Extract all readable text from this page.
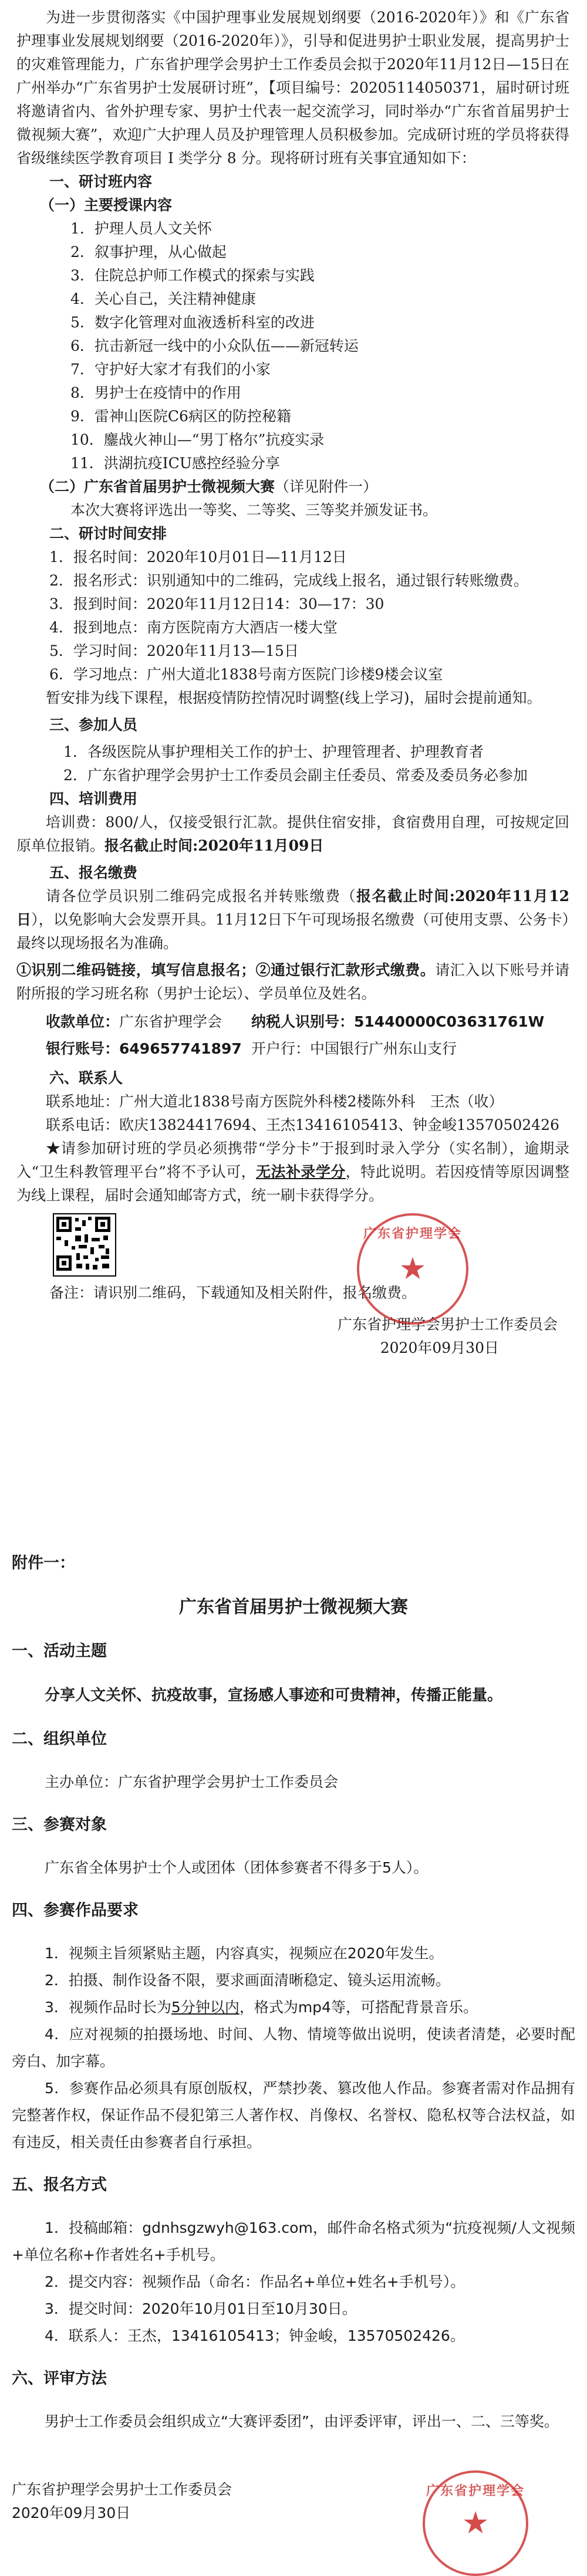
为进一步贯彻落实《中国护理事业发展规划纲要（2016-2020年）》和《广东省护理事业发展规划纲要（2016-2020年）》，引导和促进男护士职业发展，提高男护士的灾难管理能力，广东省护理学会男护士工作委员会拟于2020年11月12日—15日在广州举办“广东省男护士发展研讨班”，【项目编号：20205114050371，届时研讨班将邀请省内、省外护理专家、男护士代表一起交流学习，同时举办“广东省首届男护士微视频大赛”，欢迎广大护理人员及护理管理人员积极参加。完成研讨班的学员将获得省级继续医学教育项目 I 类学分 8 分。现将研讨班有关事宜通知如下：

一、研讨班内容

（一）主要授课内容

1．护理人员人文关怀

2．叙事护理，从心做起

3．住院总护师工作模式的探索与实践

4．关心自己，关注精神健康

5．数字化管理对血液透析科室的改进

6．抗击新冠一线中的小众队伍——新冠转运

7．守护好大家才有我们的小家

8．男护士在疫情中的作用

9．雷神山医院C6病区的防控秘籍

10．鏖战火神山—“男丁格尔”抗疫实录

11．洪湖抗疫ICU感控经验分享

（二）广东省首届男护士微视频大赛（详见附件一）

本次大赛将评选出一等奖、二等奖、三等奖并颁发证书。

二、研讨时间安排

1．报名时间：2020年10月01日—11月12日

2．报名形式：识别通知中的二维码，完成线上报名，通过银行转账缴费。

3．报到时间：2020年11月12日14：30—17：30

4．报到地点：南方医院南方大酒店一楼大堂

5．学习时间：2020年11月13—15日

6．学习地点：广州大道北1838号南方医院门诊楼9楼会议室

暂安排为线下课程，根据疫情防控情况时调整(线上学习)，届时会提前通知。

三、参加人员

1．各级医院从事护理相关工作的护士、护理管理者、护理教育者

2．广东省护理学会男护士工作委员会副主任委员、常委及委员务必参加

四、培训费用

培训费：800/人，仅接受银行汇款。提供住宿安排，食宿费用自理，可按规定回原单位报销。报名截止时间:2020年11月09日

五、报名缴费

请各位学员识别二维码完成报名并转账缴费（报名截止时间:2020年11月12日），以免影响大会发票开具。11月12日下午可现场报名缴费（可使用支票、公务卡）最终以现场报名为准确。

①识别二维码链接，填写信息报名；②通过银行汇款形式缴费。请汇入以下账号并请附所报的学习班名称（男护士论坛）、学员单位及姓名。

收款单位：广东省护理学会	纳税人识别号：51440000C03631761W
银行账号：649657741897 开户行：中国银行广州东山支行

六、联系人

联系地址：广州大道北1838号南方医院外科楼2楼陈外科　王杰（收）

联系电话：欧庆13824417694、王杰13416105413、钟金峻13570502426

★请参加研讨班的学员必须携带“学分卡”于报到时录入学分（实名制），逾期录入“卫生科教管理平台”将不予认可，无法补录学分，特此说明。若因疫情等原因调整为线上课程，届时会通知邮寄方式，统一刷卡获得学分。

备注：请识别二维码，下载通知及相关附件，报名缴费。

广东省护理学会
★

广东省护理学会男护士工作委员会

2020年09月30日

附件一：

广东省首届男护士微视频大赛

一、活动主题

分享人文关怀、抗疫故事，宣扬感人事迹和可贵精神，传播正能量。

二、组织单位

主办单位：广东省护理学会男护士工作委员会

三、参赛对象

广东省全体男护士个人或团体（团体参赛者不得多于5人）。

四、参赛作品要求

1．视频主旨须紧贴主题，内容真实，视频应在2020年发生。

2．拍摄、制作设备不限，要求画面清晰稳定、镜头运用流畅。

3．视频作品时长为5分钟以内，格式为mp4等，可搭配背景音乐。

4．应对视频的拍摄场地、时间、人物、情境等做出说明，使读者清楚，必要时配旁白、加字幕。

5．参赛作品必须具有原创版权，严禁抄袭、篡改他人作品。参赛者需对作品拥有完整著作权，保证作品不侵犯第三人著作权、肖像权、名誉权、隐私权等合法权益，如有违反，相关责任由参赛者自行承担。

五、报名方式

1．投稿邮箱：gdnhsgzwyh@163.com，邮件命名格式须为“抗疫视频/人文视频+单位名称+作者姓名+手机号。

2．提交内容：视频作品（命名：作品名+单位+姓名+手机号）。

3．提交时间：2020年10月01日至10月30日。

4．联系人：王杰，13416105413；钟金峻，13570502426。

六、评审方法

男护士工作委员会组织成立“大赛评委团”，由评委评审，评出一、二、三等奖。

广东省护理学会
★

广东省护理学会男护士工作委员会

2020年09月30日
